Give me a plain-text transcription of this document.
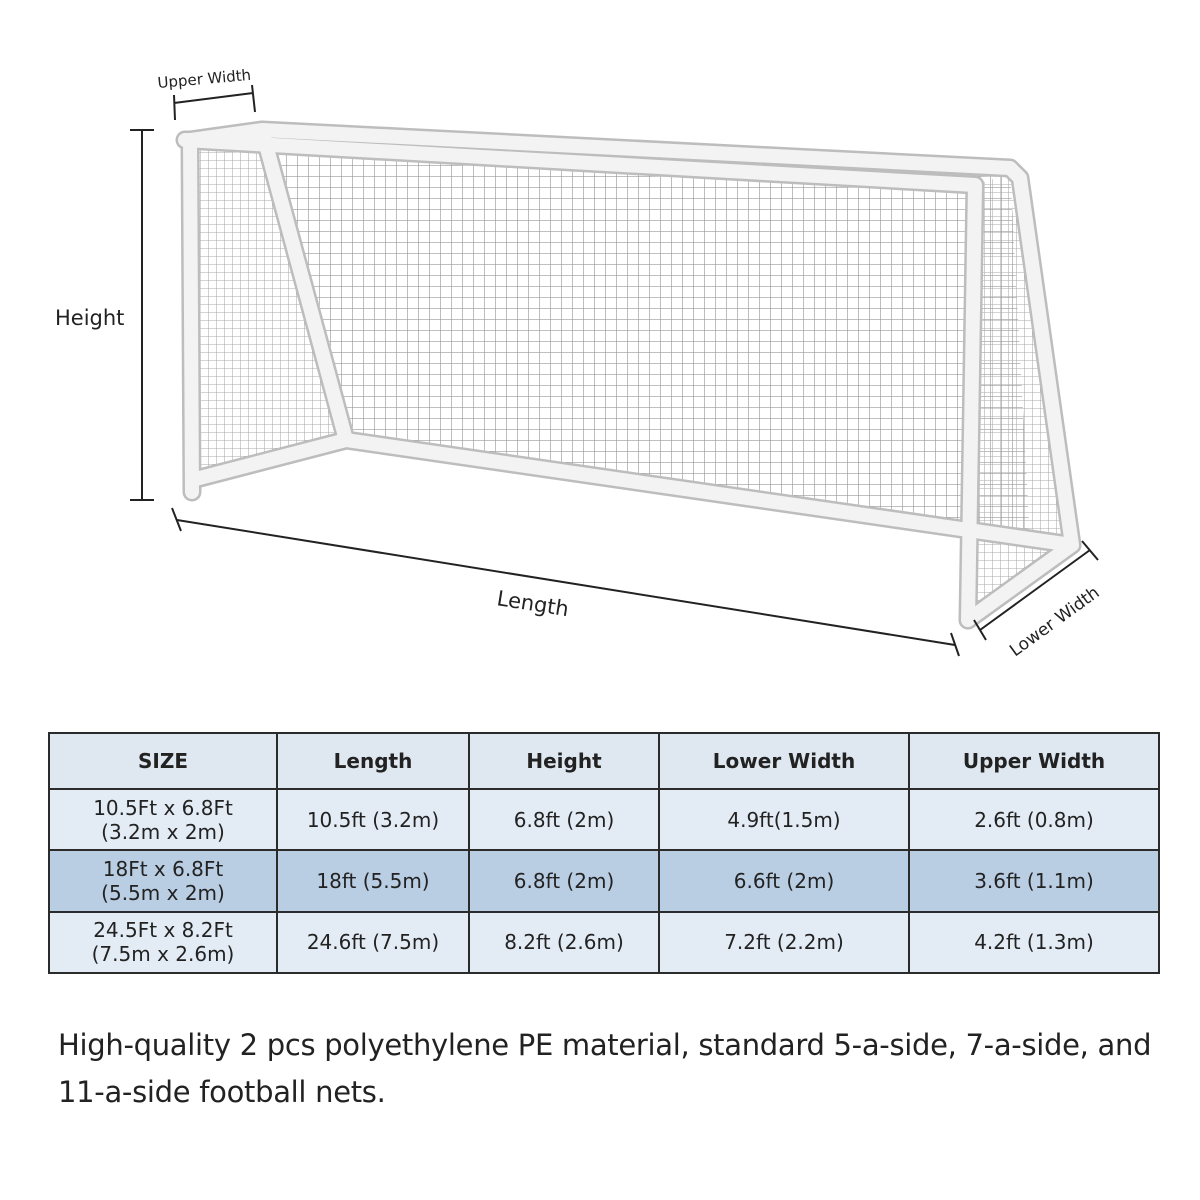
Upper Width
Height
Length	Lower Width
SIZE	Length	Height	Lower Width	Upper Width

10.5Ft x 6.8Ft
(3.2m x 2m)	10.5ft (3.2m)	6.8ft (2m)	4.9ft(1.5m)	2.6ft (0.8m)

18Ft x 6.8Ft
(5.5m x 2m)	18ft (5.5m)	6.8ft (2m)	6.6ft (2m)	3.6ft (1.1m)

24.5Ft x 8.2Ft
(7.5m x 2.6m)	24.6ft (7.5m)	8.2ft (2.6m)	7.2ft (2.2m)	4.2ft (1.3m)
High-quality 2 pcs polyethylene PE material, standard 5-a-side, 7-a-side, and 11-a-side football nets.
